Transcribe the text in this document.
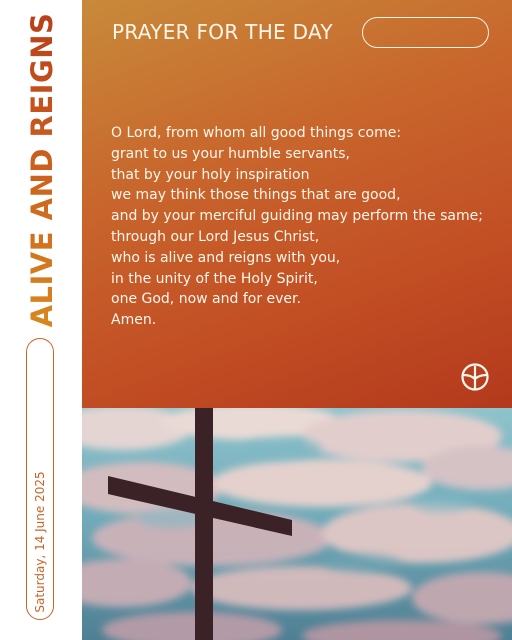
ALIVE AND REIGNS
Saturday, 14 June 2025
PRAYER FOR THE DAY
O Lord, from whom all good things come:
grant to us your humble servants,
that by your holy inspiration
we may think those things that are good,
and by your merciful guiding may perform the same;
through our Lord Jesus Christ,
who is alive and reigns with you,
in the unity of the Holy Spirit,
one God, now and for ever.
Amen.
